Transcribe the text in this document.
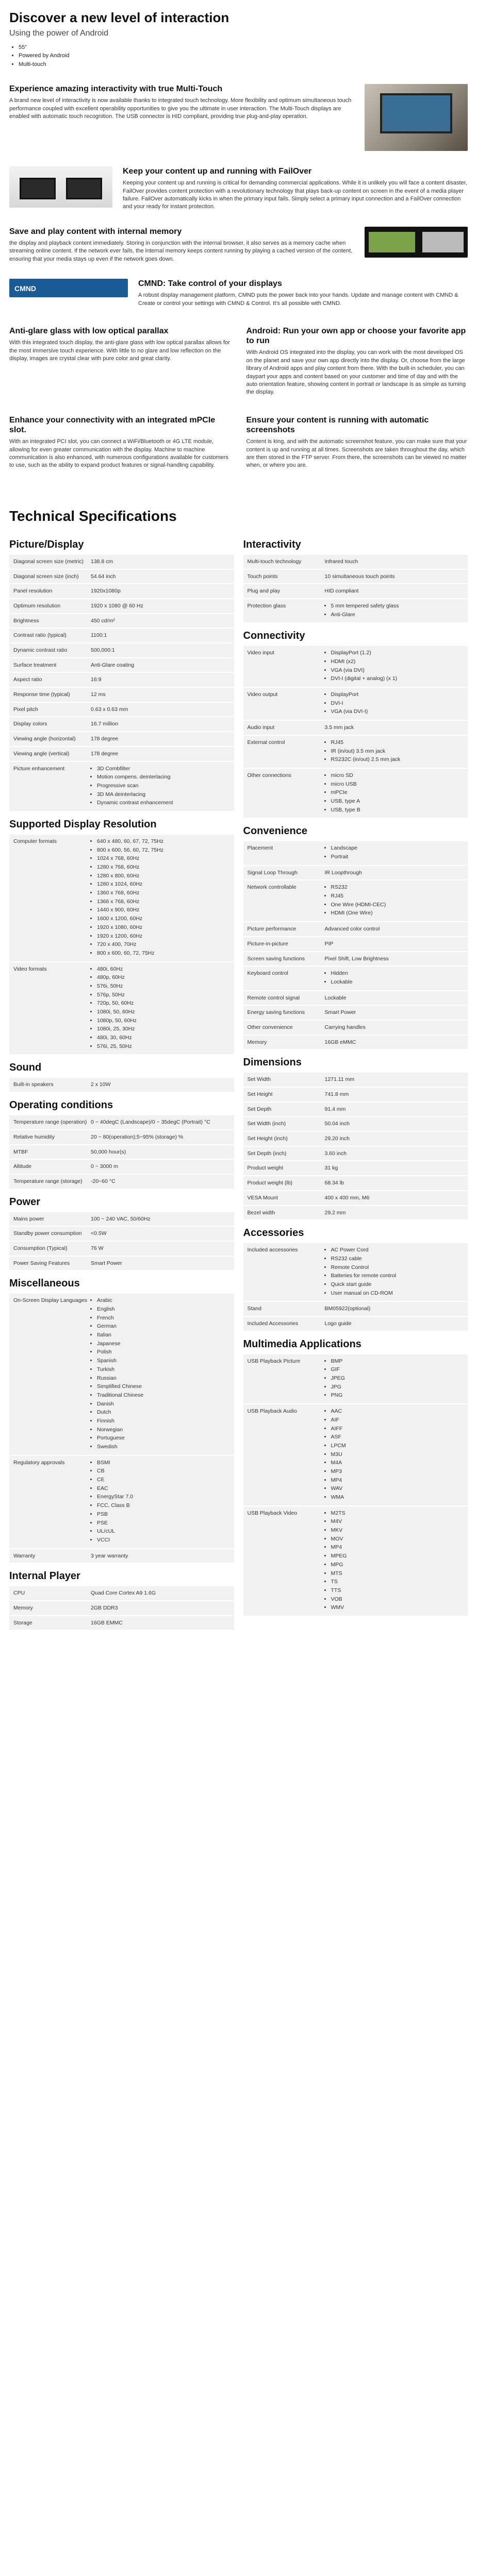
Discover a new level of interaction
Using the power of Android
• 55"
• Powered by Android
• Multi-touch
Experience amazing interactivity with true Multi-Touch

A brand new level of interactivity is now available thanks to integrated touch technology. More flexibility and optimum simultaneous touch performance coupled with excellent operability opportunities to give you the ultimate in user interaction. The Multi-Touch displays are enabled with automatic touch recognition. The USB connector is HID compliant, providing true plug-and-play operation.

Keep your content up and running with FailOver

Keeping your content up and running is critical for demanding commercial applications. While it is unlikely you will face a content disaster, FailOver provides content protection with a revolutionary technology that plays back-up content on screen in the event of a media player failure. FailOver automatically kicks in when the primary input fails. Simply select a primary input connection and a FailOver connection and your ready for instant protection.

Save and play content with internal memory

the display and playback content immediately. Storing in conjunction with the internal browser, it also serves as a memory cache when streaming online content. If the network ever fails, the internal memory keeps content running by playing a cached version of the content, ensuring that your media stays up even if the network goes down.

CMND
CMND: Take control of your displays

A robust display management platform, CMND puts the power back into your hands. Update and manage content with CMND & Create or control your settings with CMND & Control. It's all possible with CMND.

Anti-glare glass with low optical parallax

With this integrated touch display, the anti-glare glass with low optical parallax allows for the most immersive touch experience. With little to no glare and low reflection on the display, images are crystal clear with pure color and great clarity.

Android: Run your own app or choose your favorite app to run

With Android OS integrated into the display, you can work with the most developed OS on the planet and save your own app directly into the display. Or, choose from the large library of Android apps and play content from there. With the built-in scheduler, you can daypart your apps and content based on your customer and time of day and with the auto orientation feature, showing content in portrait or landscape is as simple as turning the display.

Enhance your connectivity with an integrated mPCIe slot.

With an integrated PCI slot, you can connect a WiFi/Bluetooth or 4G LTE module, allowing for even greater communication with the display. Machine to machine communication is also enhanced, with numerous configurations available for customers to use, such as the ability to expand product features or signal-handling capability.

Ensure your content is running with automatic screenshots

Content is king, and with the automatic screenshot feature, you can make sure that your content is up and running at all times. Screenshots are taken throughout the day, which are then stored in the FTP server. From there, the screenshots can be viewed no matter when, or where you are.

Technical Specifications
Picture/Display
Diagonal screen size (metric)	138.8 cm
Diagonal screen size (inch)	54.64 inch
Panel resolution	1920x1080p
Optimum resolution	1920 x 1080 @ 60 Hz
Brightness	450 cd/m²
Contrast ratio (typical)	1100:1
Dynamic contrast ratio	500,000:1
Surface treatment	Anti-Glare coating
Aspect ratio	16:9
Response time (typical)	12 ms
Pixel pitch	0.63 x 0.63 mm
Display colors	16.7 million
Viewing angle (horizontal)	178 degree
Viewing angle (vertical)	178 degree
Picture enhancement	• 3D Combfilter
• Motion compens. deinterlacing
• Progressive scan
• 3D MA deinterlacing
• Dynamic contrast enhancement
Supported Display Resolution
Computer formats	• 640 x 480, 60, 67, 72, 75Hz
• 800 x 600, 56, 60, 72, 75Hz
• 1024 x 768, 60Hz
• 1280 x 768, 60Hz
• 1280 x 800, 60Hz
• 1280 x 1024, 60Hz
• 1360 x 768, 60Hz
• 1366 x 768, 60Hz
• 1440 x 900, 60Hz
• 1600 x 1200, 60Hz
• 1920 x 1080, 60Hz
• 1920 x 1200, 60Hz
• 720 x 400, 70Hz
• 800 x 600, 60, 72, 75Hz
Video formats	• 480i, 60Hz
• 480p, 60Hz
• 576i, 50Hz
• 576p, 50Hz
• 720p, 50, 60Hz
• 1080i, 50, 60Hz
• 1080p, 50, 60Hz
• 1080i, 25, 30Hz
• 480i, 30, 60Hz
• 576i, 25, 50Hz
Sound
Built-in speakers	2 x 10W
Operating conditions
Temperature range (operation) 0 ~ 40degC (Landscape)/0 ~ 35degC (Portrait) °C
Relative humidity	20 ~ 80(operation);5~95% (storage) %
MTBF	50,000 hour(s)
Altitude	0 ~ 3000 m
Temperature range (storage)	-20~60 °C
Power
Mains power	100 ~ 240 VAC, 50/60Hz
Standby power consumption	<0.5W
Consumption (Typical)	76 W
Power Saving Features	Smart Power
Miscellaneous
On-Screen Display Languages	• Arabic
• English
• French
• German
• Italian
• Japanese
• Polish
• Spanish
• Turkish
• Russian
• Simplified Chinese
• Traditional Chinese
• Danish
• Dutch
• Finnish
• Norwegian
• Portuguese
• Swedish
Regulatory approvals	• BSMI
• CB
• CE
• EAC
• EnergyStar 7.0
• FCC, Class B
• PSB
• PSE
• UL/cUL
• VCCI
Warranty	3 year warranty
Internal Player
CPU	Quad Core Cortex A9 1.6G
Memory	2GB DDR3
Storage	16GB EMMC
Interactivity
Multi-touch technology	Infrared touch
Touch points	10 simultaneous touch points
Plug and play	HID compliant
Protection glass	• 5 mm tempered safety glass
• Anti-Glare
Connectivity
Video input	• DisplayPort (1.2)
• HDMI (x2)
• VGA (via DVI)
• DVI-I (digital + analog) (x 1)
Video output	• DisplayPort
• DVI-I
• VGA (via DVI-I)
Audio input	3.5 mm jack
External control	• RJ45
• IR (in/out) 3.5 mm jack
• RS232C (in/out) 2.5 mm jack
Other connections	• micro SD
• micro USB
• mPCIe
• USB, type A
• USB, type B
Convenience
Placement	• Landscape
• Portrait
Signal Loop Through	IR Loopthrough
Network controllable	• RS232
• RJ45
• One Wire (HDMI-CEC)
• HDMI (One Wire)
Picture performance	Advanced color control
Picture-in-picture	PIP
Screen saving functions	Pixel Shift, Low Brightness
Keyboard control	• Hidden
• Lockable
Remote control signal	Lockable
Energy saving functions	Smart Power
Other convenience	Carrying handles
Memory	16GB eMMC
Dimensions
Set Width	1271.11 mm
Set Height	741.8 mm
Set Depth	91.4 mm
Set Width (inch)	50.04 inch
Set Height (inch)	29.20 inch
Set Depth (inch)	3.60 inch
Product weight	31 kg
Product weight (lb)	68.34 lb
VESA Mount	400 x 400 mm, M6
Bezel width	29.2 mm
Accessories
Included accessories	• AC Power Cord
• RS232 cable
• Remote Control
• Batteries for remote control
• Quick start guide
• User manual on CD-ROM
Stand	BM05922(optional)
Included Accessories	Logo guide
Multimedia Applications
USB Playback Picture	• BMP
• GIF
• JPEG
• JPG
• PNG
USB Playback Audio	• AAC
• AIF
• AIFF
• ASF
• LPCM
• M3U
• M4A
• MP3
• MP4
• WAV
• WMA
USB Playback Video	• M2TS
• M4V
• MKV
• MOV
• MP4
• MPEG
• MPG
• MTS
• TS
• TTS
• VOB
• WMV
